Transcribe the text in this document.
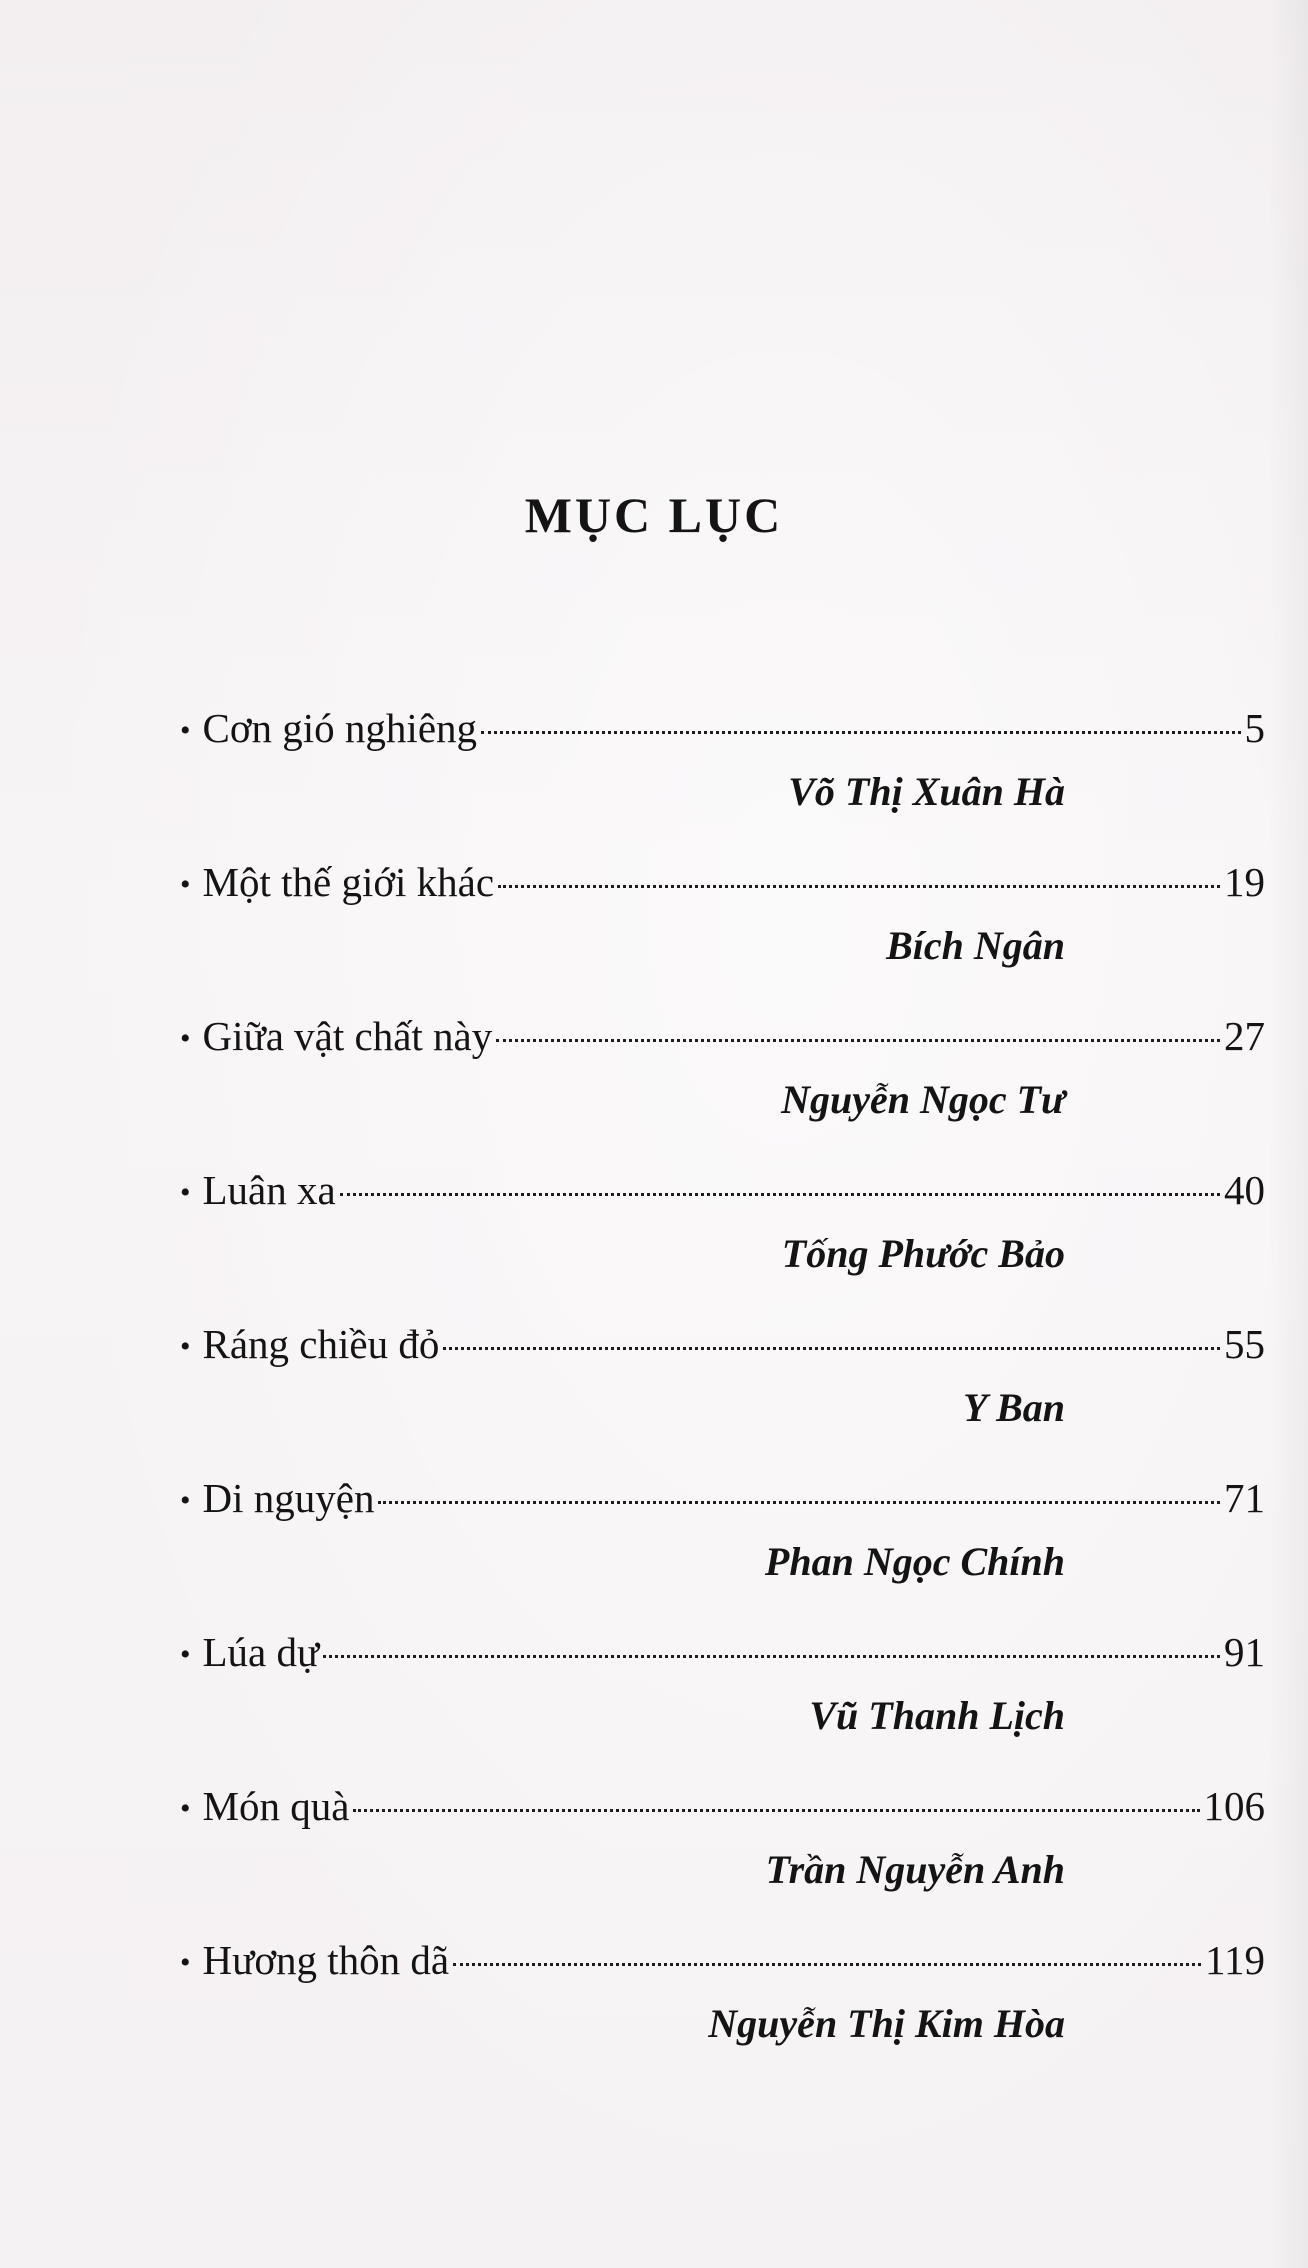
MỤC LỤC
• Cơn gió nghiêng	5
Võ Thị Xuân Hà
• Một thế giới khác	19
Bích Ngân
• Giữa vật chất này	27
Nguyễn Ngọc Tư
• Luân xa	40
Tống Phước Bảo
• Ráng chiều đỏ	55
Y Ban
• Di nguyện	71
Phan Ngọc Chính
• Lúa dự	91
Vũ Thanh Lịch
• Món quà	106
Trần Nguyễn Anh
• Hương thôn dã	119
Nguyễn Thị Kim Hòa
